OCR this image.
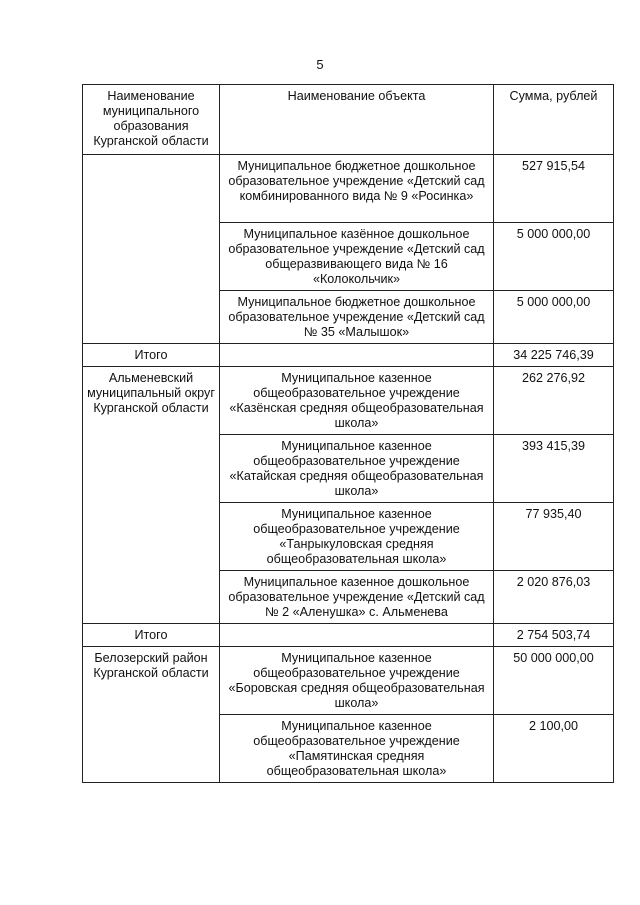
5
Наименование муниципального образования Курганской области	Наименование объекта	Сумма, рублей
	Муниципальное бюджетное дошкольное образовательное учреждение «Детский сад комбинированного вида № 9 «Росинка»	527 915,54
	Муниципальное казённое дошкольное образовательное учреждение «Детский сад общеразвивающего вида № 16 «Колокольчик»	5 000 000,00
	Муниципальное бюджетное дошкольное образовательное учреждение «Детский сад № 35 «Малышок»	5 000 000,00
Итого		34 225 746,39
Альменевский муниципальный округ Курганской области	Муниципальное казенное общеобразовательное учреждение «Казёнская средняя общеобразовательная школа»	262 276,92
	Муниципальное казенное общеобразовательное учреждение «Катайская средняя общеобразовательная школа»	393 415,39
	Муниципальное казенное общеобразовательное учреждение «Танрыкуловская средняя общеобразовательная школа»	77 935,40
	Муниципальное казенное дошкольное образовательное учреждение «Детский сад № 2 «Аленушка» с. Альменева	2 020 876,03
Итого		2 754 503,74
Белозерский район Курганской области	Муниципальное казенное общеобразовательное учреждение «Боровская средняя общеобразовательная школа»	50 000 000,00
	Муниципальное казенное общеобразовательное учреждение «Памятинская средняя общеобразовательная школа»	2 100,00
